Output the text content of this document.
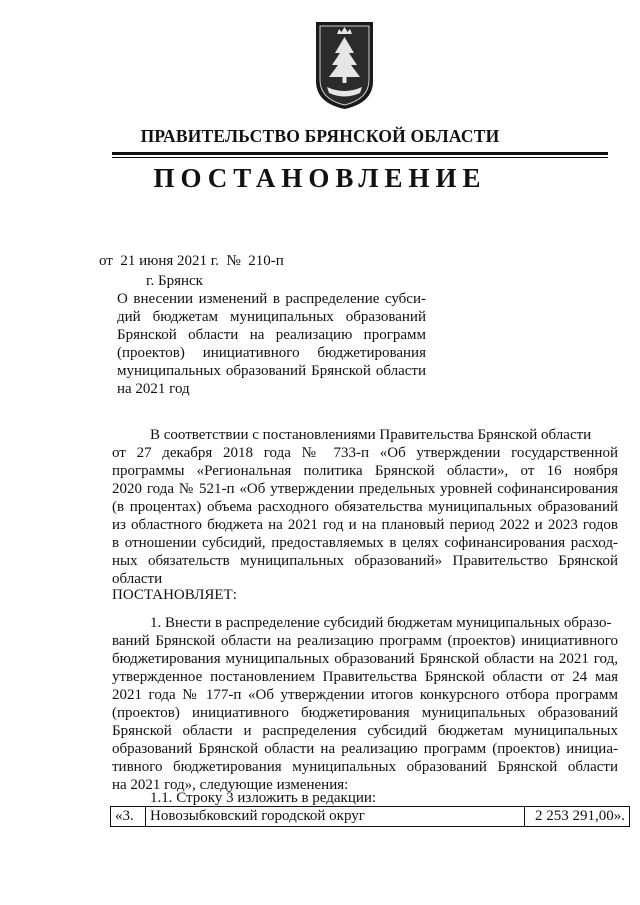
ПРАВИТЕЛЬСТВО БРЯНСКОЙ ОБЛАСТИ
ПОСТАНОВЛЕНИЕ
от 21 июня 2021 г. № 210-п
г. Брянск
О внесении изменений в распределение субси-
дий бюджетам муниципальных образований
Брянской области на реализацию программ
(проектов) инициативного бюджетирования
муниципальных образований Брянской области
на 2021 год
В соответствии с постановлениями Правительства Брянской области
от 27 декабря 2018 года № 733-п «Об утверждении государственной
программы «Региональная политика Брянской области», от 16 ноября
2020 года № 521-п «Об утверждении предельных уровней софинансирования
(в процентах) объема расходного обязательства муниципальных образований
из областного бюджета на 2021 год и на плановый период 2022 и 2023 годов
в отношении субсидий, предоставляемых в целях софинансирования расход-
ных обязательств муниципальных образований» Правительство Брянской
области
ПОСТАНОВЛЯЕТ:
1. Внести в распределение субсидий бюджетам муниципальных образо-
ваний Брянской области на реализацию программ (проектов) инициативного
бюджетирования муниципальных образований Брянской области на 2021 год,
утвержденное постановлением Правительства Брянской области от 24 мая
2021 года № 177-п «Об утверждении итогов конкурсного отбора программ
(проектов) инициативного бюджетирования муниципальных образований
Брянской области и распределения субсидий бюджетам муниципальных
образований Брянской области на реализацию программ (проектов) инициа-
тивного бюджетирования муниципальных образований Брянской области
на 2021 год», следующие изменения:
1.1. Строку 3 изложить в редакции:
«3.	Новозыбковский городской округ	2 253 291,00».
